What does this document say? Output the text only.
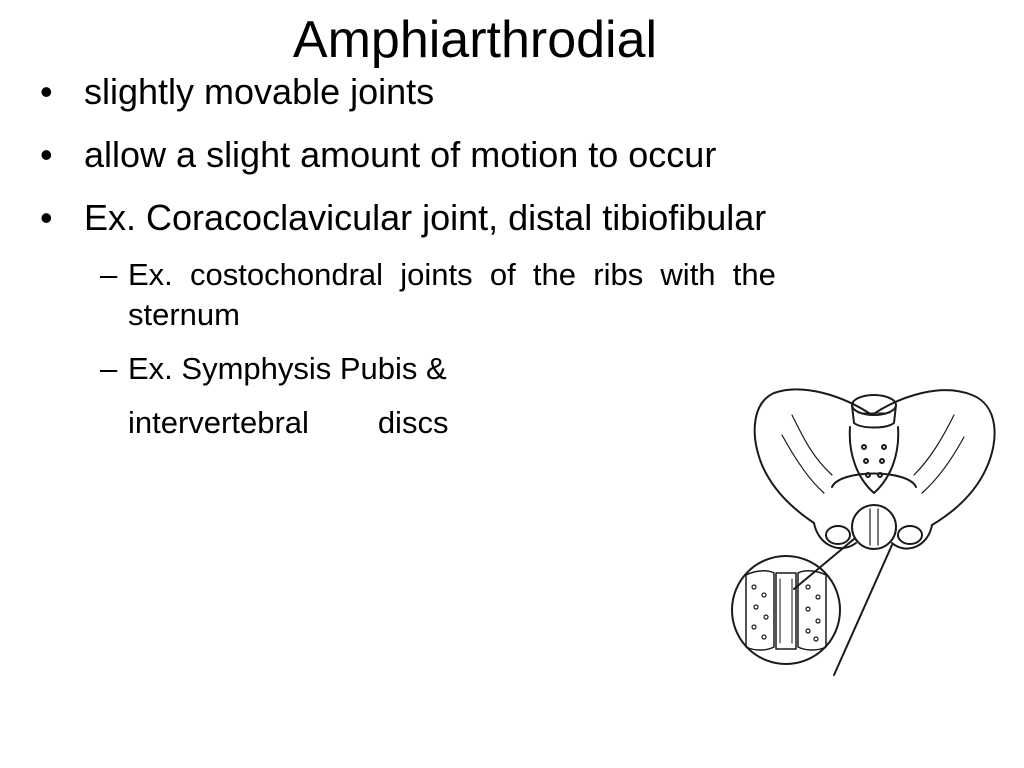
Amphiarthrodial
• slightly movable joints
• allow a slight amount of motion to occur
• Ex. Coracoclavicular joint, distal tibiofibular
– Ex.  costochondral  joints  of  the  ribs  with  the
sternum
– Ex. Symphysis Pubis &
intervertebral        discs
